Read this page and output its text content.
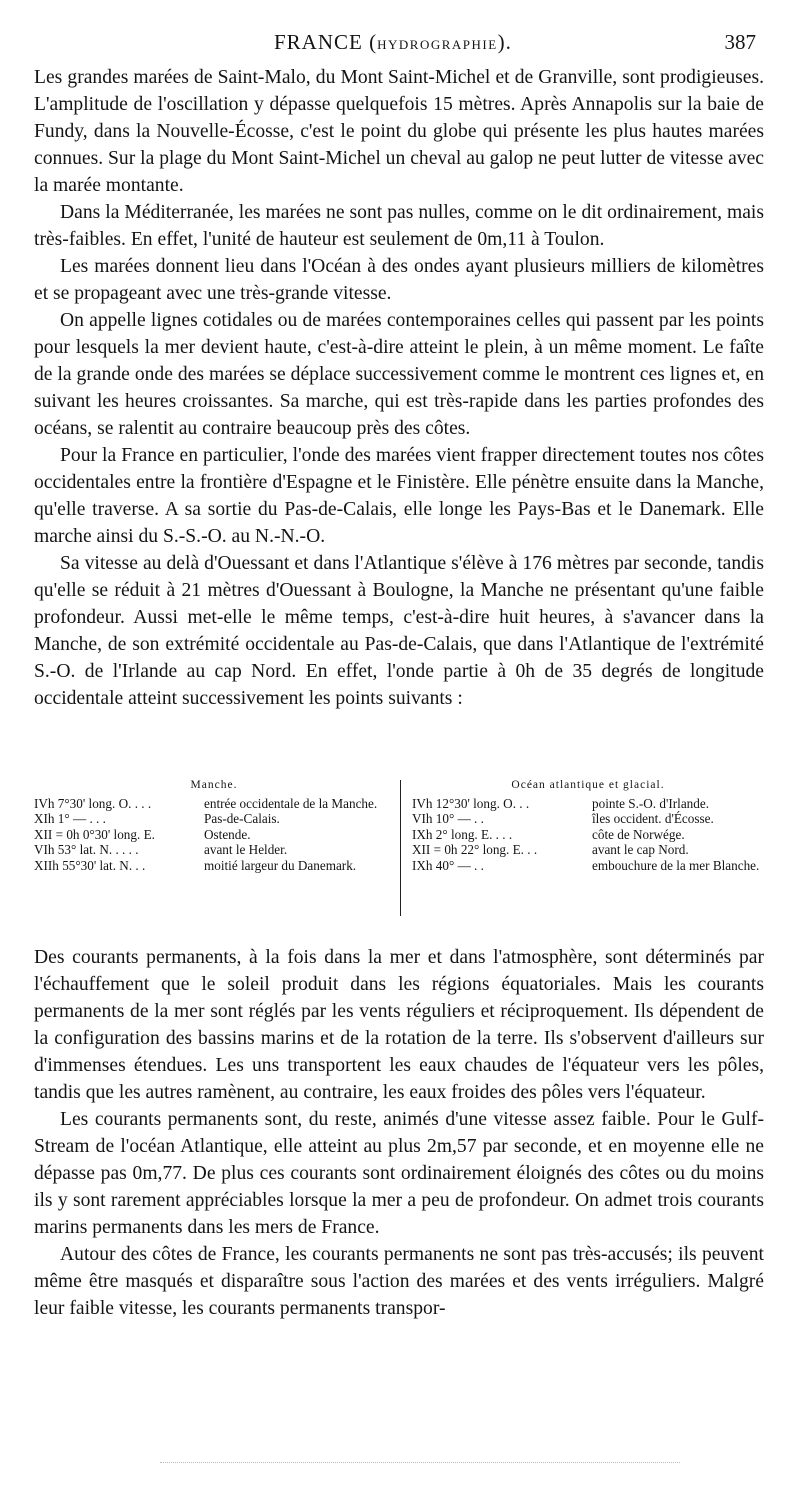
FRANCE (HYDROGRAPHIE).	387

Les grandes marées de Saint-Malo, du Mont Saint-Michel et de Granville, sont prodigieuses. L'amplitude de l'oscillation y dépasse quelquefois 15 mètres. Après Annapolis sur la baie de Fundy, dans la Nouvelle-Écosse, c'est le point du globe qui présente les plus hautes marées connues. Sur la plage du Mont Saint-Michel un cheval au galop ne peut lutter de vitesse avec la marée montante.

Dans la Méditerranée, les marées ne sont pas nulles, comme on le dit ordinairement, mais très-faibles. En effet, l'unité de hauteur est seulement de 0m,11 à Toulon.

Les marées donnent lieu dans l'Océan à des ondes ayant plusieurs milliers de kilomètres et se propageant avec une très-grande vitesse.

On appelle lignes cotidales ou de marées contemporaines celles qui passent par les points pour lesquels la mer devient haute, c'est-à-dire atteint le plein, à un même moment. Le faîte de la grande onde des marées se déplace successivement comme le montrent ces lignes et, en suivant les heures croissantes. Sa marche, qui est très-rapide dans les parties profondes des océans, se ralentit au contraire beaucoup près des côtes.

Pour la France en particulier, l'onde des marées vient frapper directement toutes nos côtes occidentales entre la frontière d'Espagne et le Finistère. Elle pénètre ensuite dans la Manche, qu'elle traverse. A sa sortie du Pas-de-Calais, elle longe les Pays-Bas et le Danemark. Elle marche ainsi du S.-S.-O. au N.-N.-O.

Sa vitesse au delà d'Ouessant et dans l'Atlantique s'élève à 176 mètres par seconde, tandis qu'elle se réduit à 21 mètres d'Ouessant à Boulogne, la Manche ne présentant qu'une faible profondeur. Aussi met-elle le même temps, c'est-à-dire huit heures, à s'avancer dans la Manche, de son extrémité occidentale au Pas-de-Calais, que dans l'Atlantique de l'extrémité S.-O. de l'Irlande au cap Nord. En effet, l'onde partie à 0h de 35 degrés de longitude occidentale atteint successivement les points suivants :

Manche.
IVh 7°30' long. O. . . .	entrée occidentale de la Manche.
XIh 1° — . . .	Pas-de-Calais.
XII = 0h 0°30' long. E.	Ostende.
VIh 53° lat. N. . . . .	avant le Helder.
XIIh 55°30' lat. N. . .	moitié largeur du Danemark.
Océan atlantique et glacial.
IVh 12°30' long. O. . .	pointe S.-O. d'Irlande.
VIh 10° — . .	îles occident. d'Écosse.
IXh 2° long. E. . . .	côte de Norwége.
XII = 0h 22° long. E. . .	avant le cap Nord.
IXh 40° — . .	embouchure de la mer Blanche.

Des courants permanents, à la fois dans la mer et dans l'atmosphère, sont déterminés par l'échauffement que le soleil produit dans les régions équatoriales. Mais les courants permanents de la mer sont réglés par les vents réguliers et réciproquement. Ils dépendent de la configuration des bassins marins et de la rotation de la terre. Ils s'observent d'ailleurs sur d'immenses étendues. Les uns transportent les eaux chaudes de l'équateur vers les pôles, tandis que les autres ramènent, au contraire, les eaux froides des pôles vers l'équateur.

Les courants permanents sont, du reste, animés d'une vitesse assez faible. Pour le Gulf-Stream de l'océan Atlantique, elle atteint au plus 2m,57 par seconde, et en moyenne elle ne dépasse pas 0m,77. De plus ces courants sont ordinairement éloignés des côtes ou du moins ils y sont rarement appréciables lorsque la mer a peu de profondeur. On admet trois courants marins permanents dans les mers de France.

Autour des côtes de France, les courants permanents ne sont pas très-accusés; ils peuvent même être masqués et disparaître sous l'action des marées et des vents irréguliers. Malgré leur faible vitesse, les courants permanents transpor-
